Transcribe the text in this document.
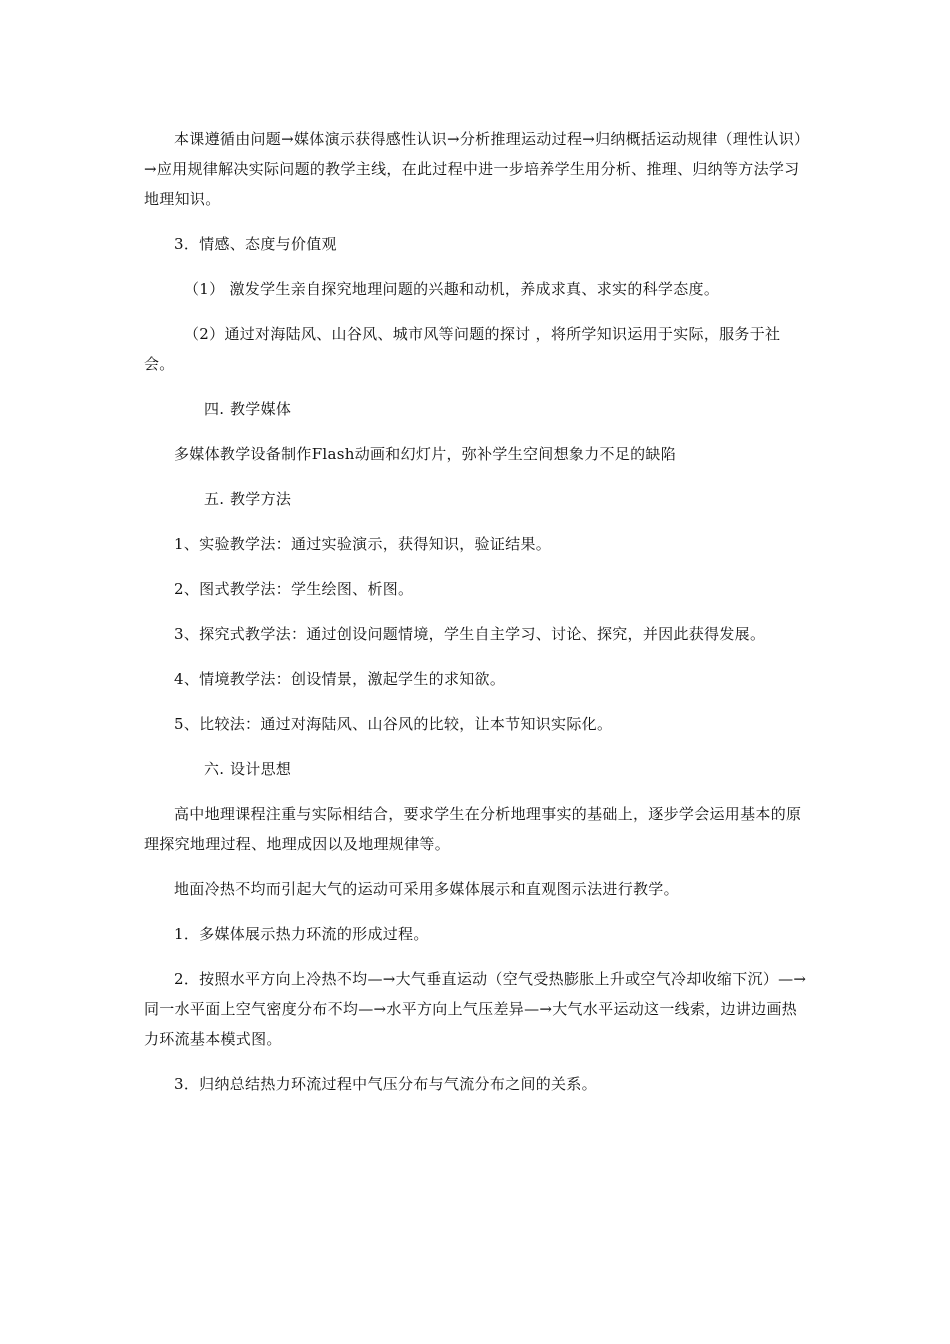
本课遵循由问题→媒体演示获得感性认识→分析推理运动过程→归纳概括运动规律（理性认识）→应用规律解决实际问题的教学主线，在此过程中进一步培养学生用分析、推理、归纳等方法学习地理知识。

3．情感、态度与价值观

（1） 激发学生亲自探究地理问题的兴趣和动机，养成求真、求实的科学态度。

（2）通过对海陆风、山谷风、城市风等问题的探讨 ，将所学知识运用于实际，服务于社会。

四. 教学媒体

多媒体教学设备制作Flash动画和幻灯片，弥补学生空间想象力不足的缺陷

五. 教学方法

1、实验教学法：通过实验演示，获得知识，验证结果。

2、图式教学法：学生绘图、析图。

3、探究式教学法：通过创设问题情境，学生自主学习、讨论、探究，并因此获得发展。

4、情境教学法：创设情景，激起学生的求知欲。

5、比较法：通过对海陆风、山谷风的比较，让本节知识实际化。

六. 设计思想

高中地理课程注重与实际相结合，要求学生在分析地理事实的基础上，逐步学会运用基本的原理探究地理过程、地理成因以及地理规律等。

地面冷热不均而引起大气的运动可采用多媒体展示和直观图示法进行教学。

1．多媒体展示热力环流的形成过程。

2．按照水平方向上冷热不均—→大气垂直运动（空气受热膨胀上升或空气冷却收缩下沉）—→同一水平面上空气密度分布不均—→水平方向上气压差异—→大气水平运动这一线索，边讲边画热力环流基本模式图。

3．归纳总结热力环流过程中气压分布与气流分布之间的关系。
